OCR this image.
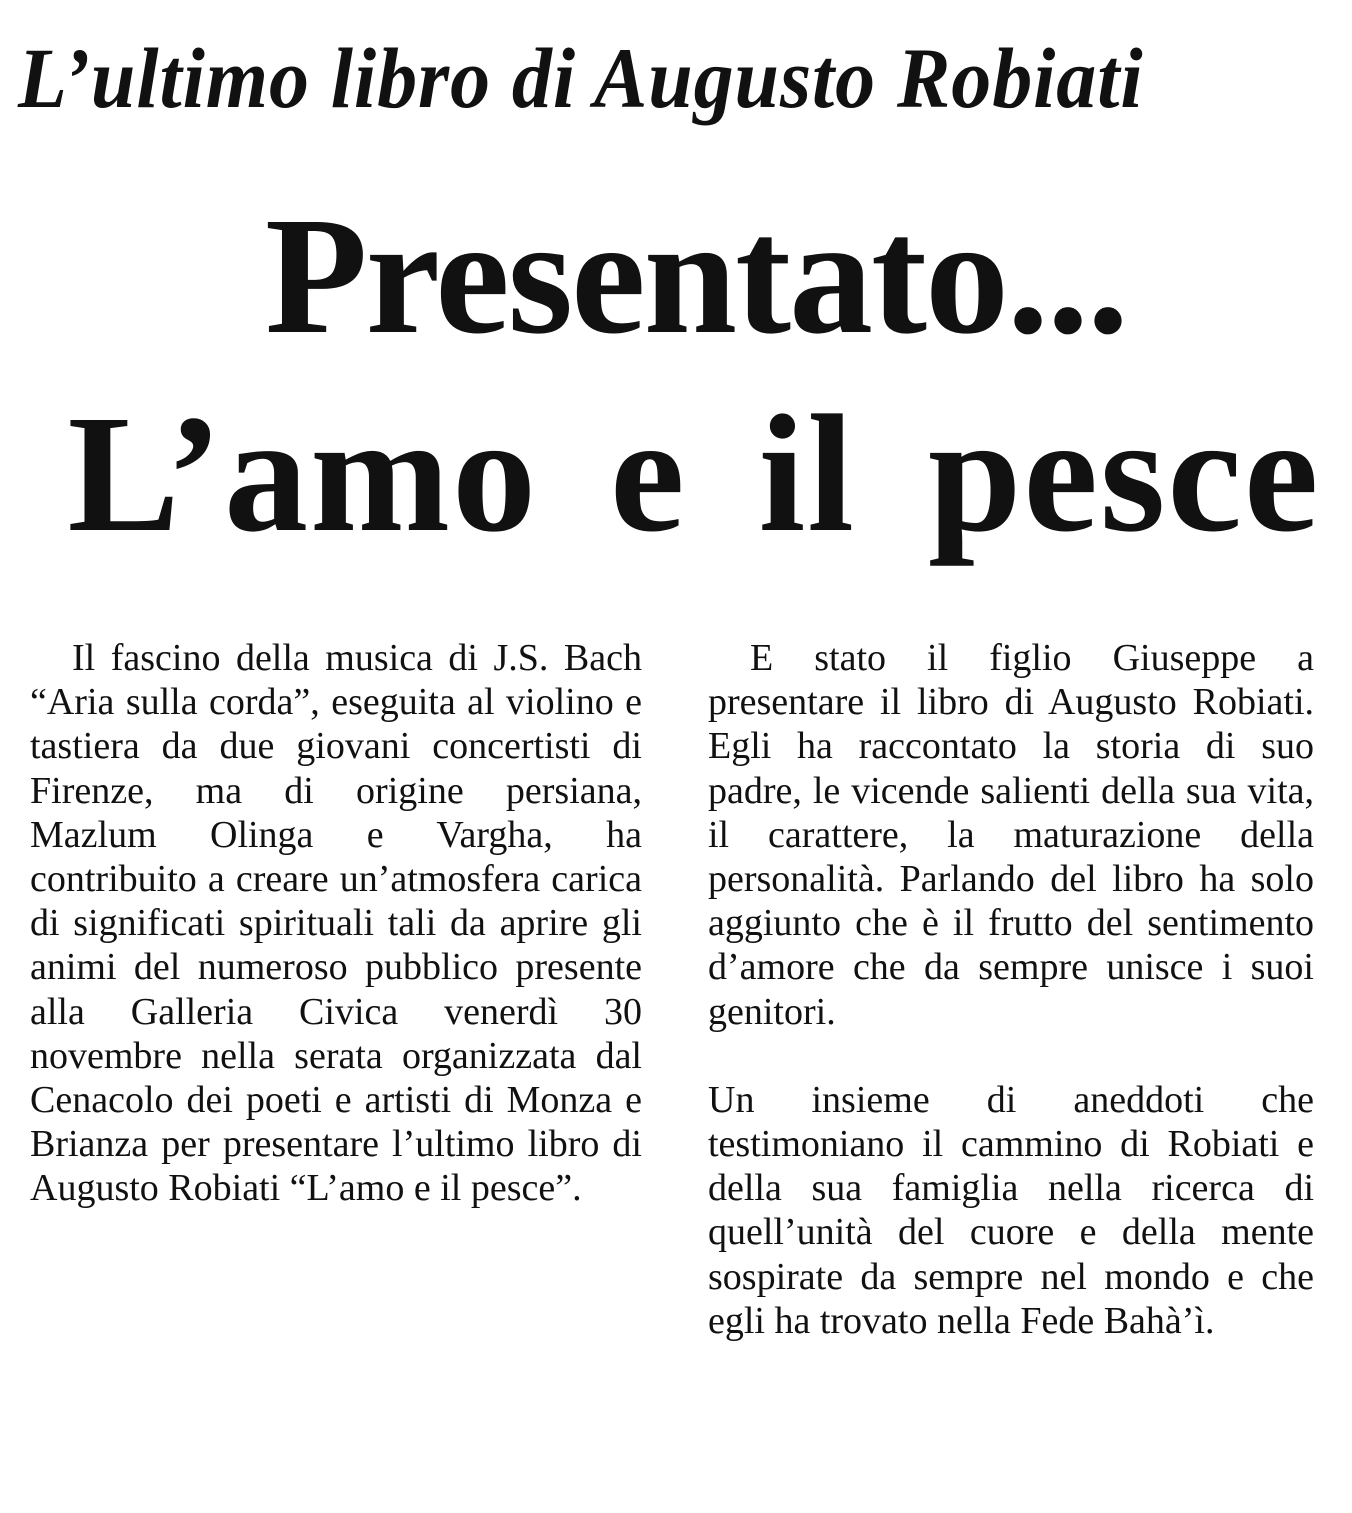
L’ultimo libro di Augusto Robiati
Presentato...
L’amo e il pesce

Il fascino della musica di J.S. Bach “Aria sulla corda”, eseguita al violino e tastiera da due giovani concertisti di Firenze, ma di origine persiana, Mazlum Olinga e Vargha, ha contribuito a creare un’atmosfera carica di significati spirituali tali da aprire gli animi del numeroso pubblico presente alla Galleria Civica venerdì 30 novembre nella serata organizzata dal Cenacolo dei poeti e artisti di Monza e Brianza per presentare l’ultimo libro di Augusto Robiati “L’amo e il pesce”.

E stato il figlio Giuseppe a presentare il libro di Augusto Robiati. Egli ha raccontato la storia di suo padre, le vicende salienti della sua vita, il carattere, la maturazione della personalità. Parlando del libro ha solo aggiunto che è il frutto del sentimento d’amore che da sempre unisce i suoi genitori.

Un insieme di aneddoti che testimoniano il cammino di Robiati e della sua famiglia nella ricerca di quell’unità del cuore e della mente sospirate da sempre nel mondo e che egli ha trovato nella Fede Bahà’ì.
